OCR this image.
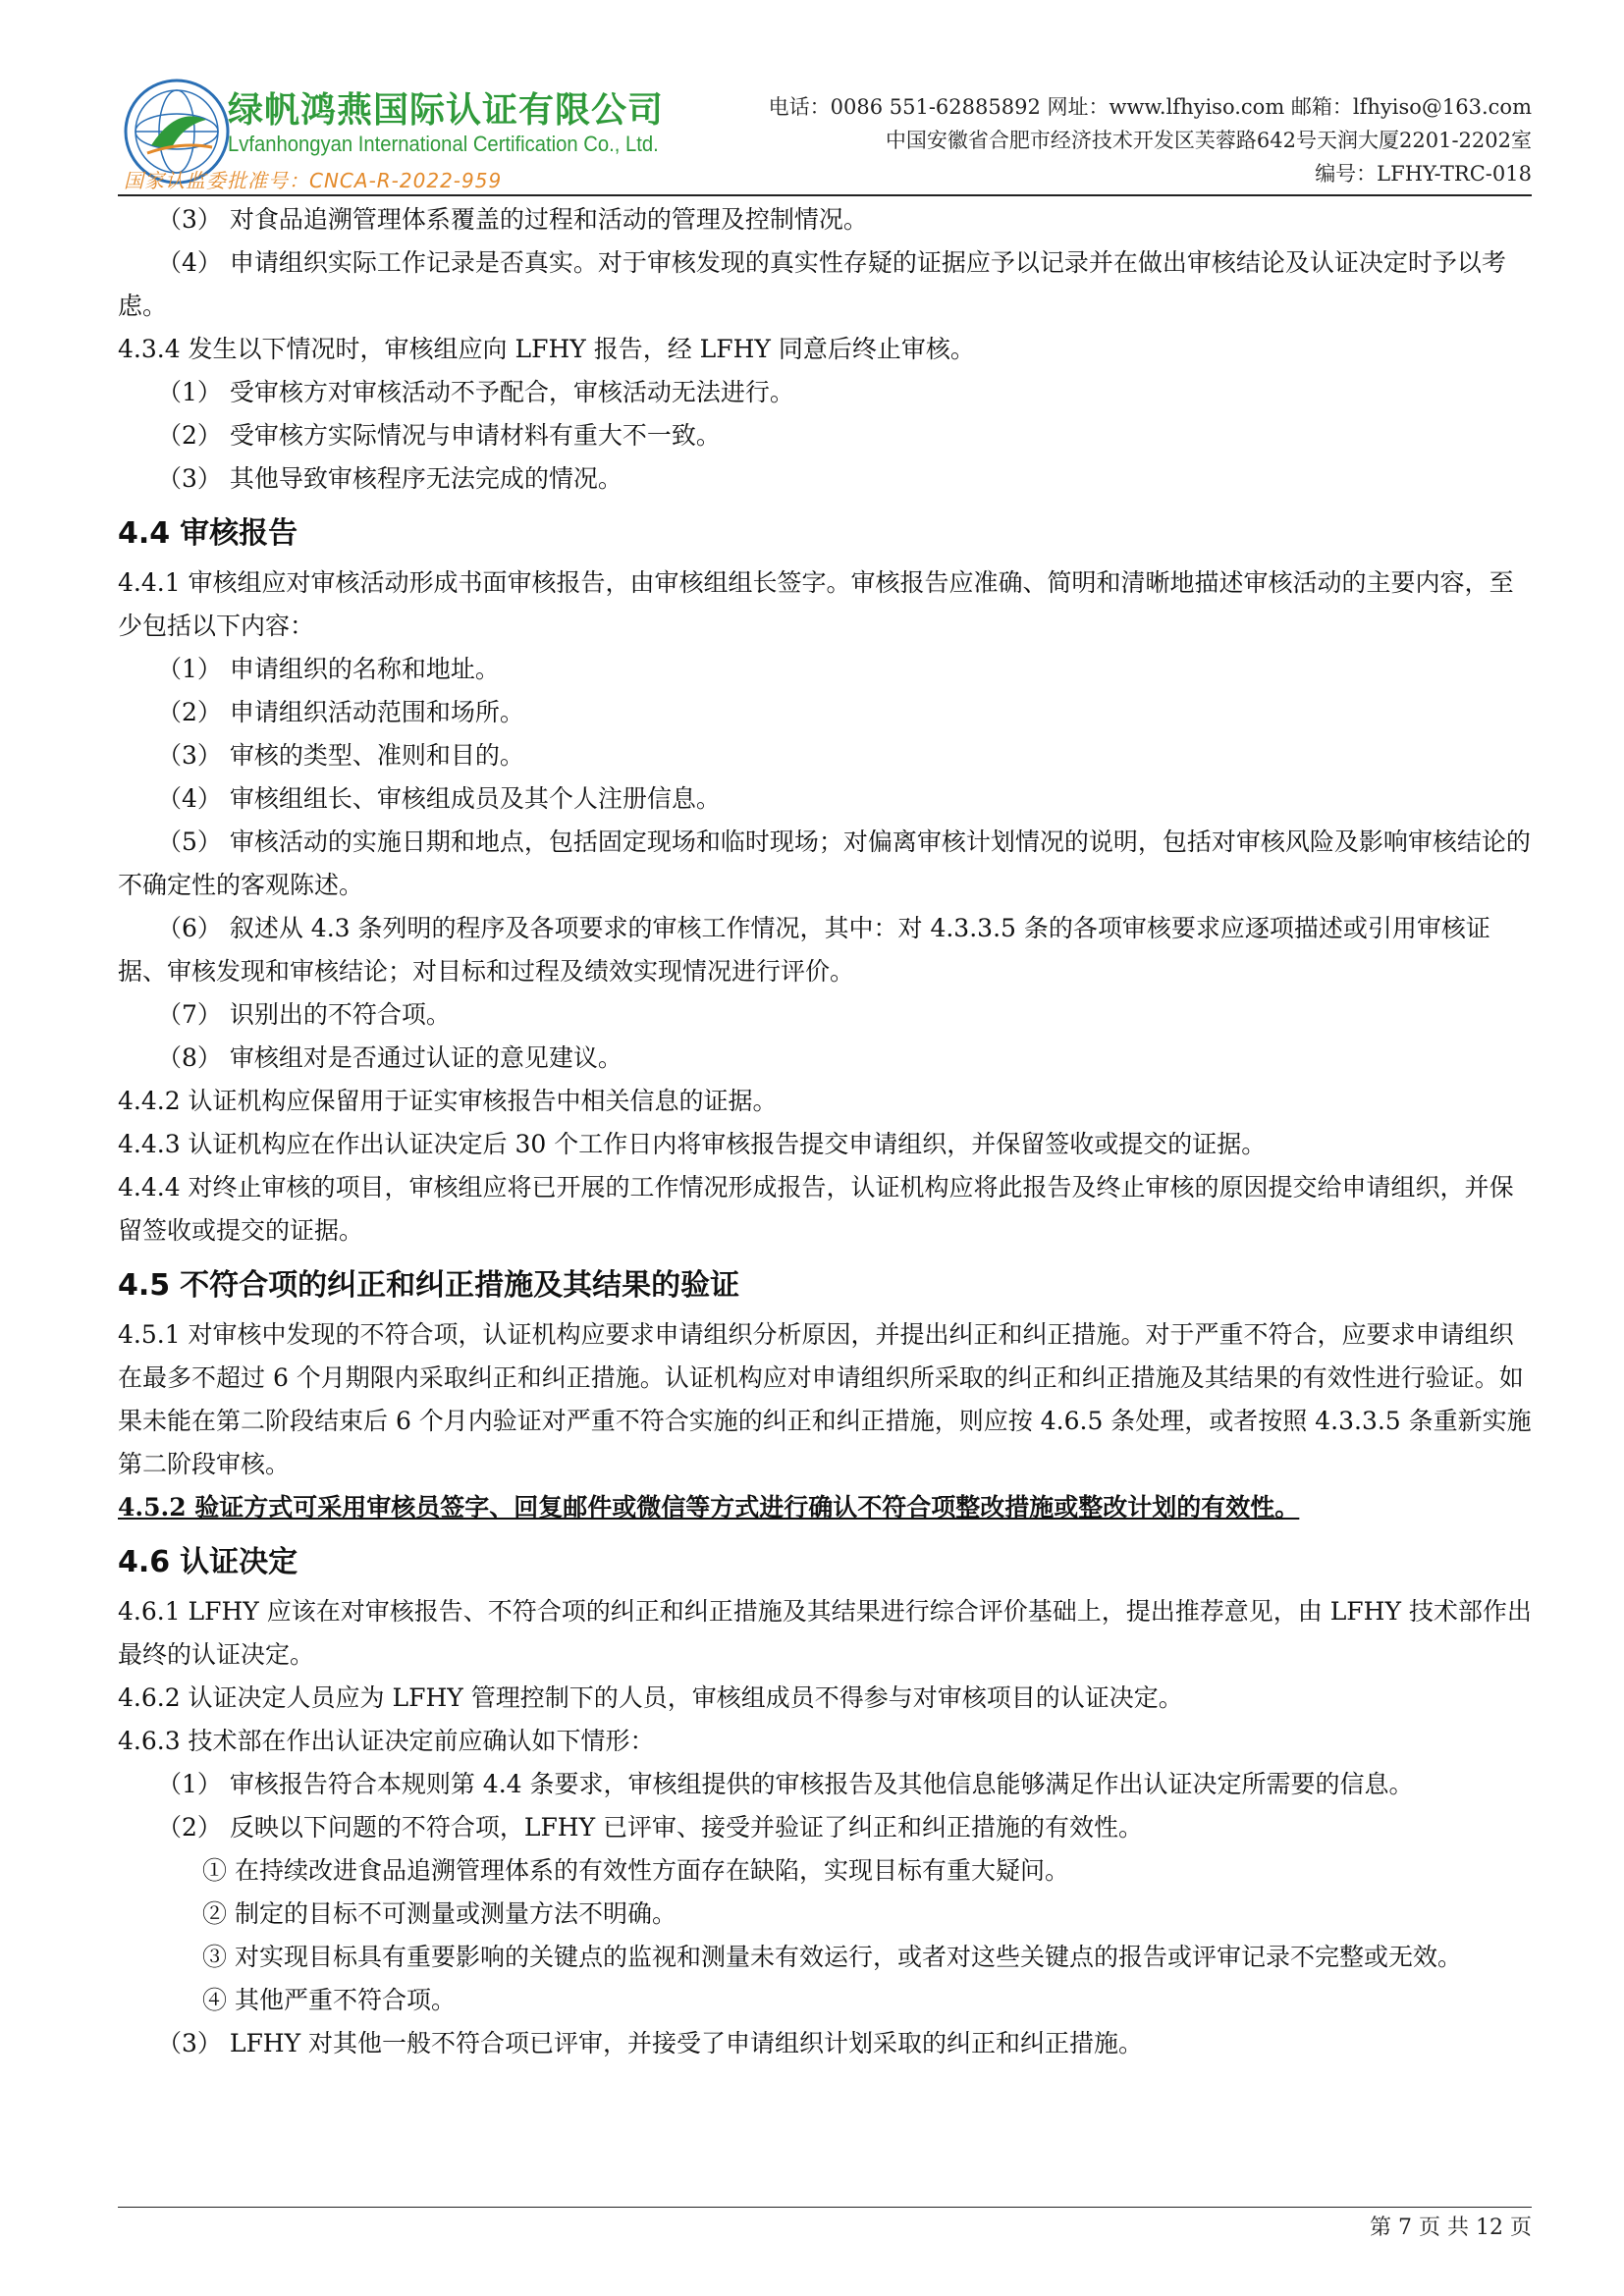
绿帆鸿燕国际认证有限公司
Lvfanhongyan International Certification Co., Ltd.
国家认监委批准号：CNCA-R-2022-959
电话：0086 551-62885892 网址：www.lfhyiso.com 邮箱：lfhyiso@163.com
中国安徽省合肥市经济技术开发区芙蓉路642号天润大厦2201-2202室
编号：LFHY-TRC-018

（3） 对食品追溯管理体系覆盖的过程和活动的管理及控制情况。

（4） 申请组织实际工作记录是否真实。对于审核发现的真实性存疑的证据应予以记录并在做出审核结论及认证决定时予以考虑。

4.3.4 发生以下情况时，审核组应向 LFHY 报告，经 LFHY 同意后终止审核。

（1） 受审核方对审核活动不予配合，审核活动无法进行。

（2） 受审核方实际情况与申请材料有重大不一致。

（3） 其他导致审核程序无法完成的情况。

4.4 审核报告

4.4.1 审核组应对审核活动形成书面审核报告，由审核组组长签字。审核报告应准确、简明和清晰地描述审核活动的主要内容，至少包括以下内容：

（1） 申请组织的名称和地址。

（2） 申请组织活动范围和场所。

（3） 审核的类型、准则和目的。

（4） 审核组组长、审核组成员及其个人注册信息。

（5） 审核活动的实施日期和地点，包括固定现场和临时现场；对偏离审核计划情况的说明，包括对审核风险及影响审核结论的不确定性的客观陈述。

（6） 叙述从 4.3 条列明的程序及各项要求的审核工作情况，其中：对 4.3.3.5 条的各项审核要求应逐项描述或引用审核证据、审核发现和审核结论；对目标和过程及绩效实现情况进行评价。

（7） 识别出的不符合项。

（8） 审核组对是否通过认证的意见建议。

4.4.2 认证机构应保留用于证实审核报告中相关信息的证据。

4.4.3 认证机构应在作出认证决定后 30 个工作日内将审核报告提交申请组织，并保留签收或提交的证据。

4.4.4 对终止审核的项目，审核组应将已开展的工作情况形成报告，认证机构应将此报告及终止审核的原因提交给申请组织，并保留签收或提交的证据。

4.5 不符合项的纠正和纠正措施及其结果的验证

4.5.1 对审核中发现的不符合项，认证机构应要求申请组织分析原因，并提出纠正和纠正措施。对于严重不符合，应要求申请组织在最多不超过 6 个月期限内采取纠正和纠正措施。认证机构应对申请组织所采取的纠正和纠正措施及其结果的有效性进行验证。如果未能在第二阶段结束后 6 个月内验证对严重不符合实施的纠正和纠正措施，则应按 4.6.5 条处理，或者按照 4.3.3.5 条重新实施第二阶段审核。

4.5.2 验证方式可采用审核员签字、回复邮件或微信等方式进行确认不符合项整改措施或整改计划的有效性。

4.6 认证决定

4.6.1 LFHY 应该在对审核报告、不符合项的纠正和纠正措施及其结果进行综合评价基础上，提出推荐意见，由 LFHY 技术部作出最终的认证决定。

4.6.2 认证决定人员应为 LFHY 管理控制下的人员，审核组成员不得参与对审核项目的认证决定。

4.6.3 技术部在作出认证决定前应确认如下情形：

（1） 审核报告符合本规则第 4.4 条要求，审核组提供的审核报告及其他信息能够满足作出认证决定所需要的信息。

（2） 反映以下问题的不符合项，LFHY 已评审、接受并验证了纠正和纠正措施的有效性。

① 在持续改进食品追溯管理体系的有效性方面存在缺陷，实现目标有重大疑问。

② 制定的目标不可测量或测量方法不明确。

③ 对实现目标具有重要影响的关键点的监视和测量未有效运行，或者对这些关键点的报告或评审记录不完整或无效。

④ 其他严重不符合项。

（3） LFHY 对其他一般不符合项已评审，并接受了申请组织计划采取的纠正和纠正措施。

第 7 页 共 12 页
